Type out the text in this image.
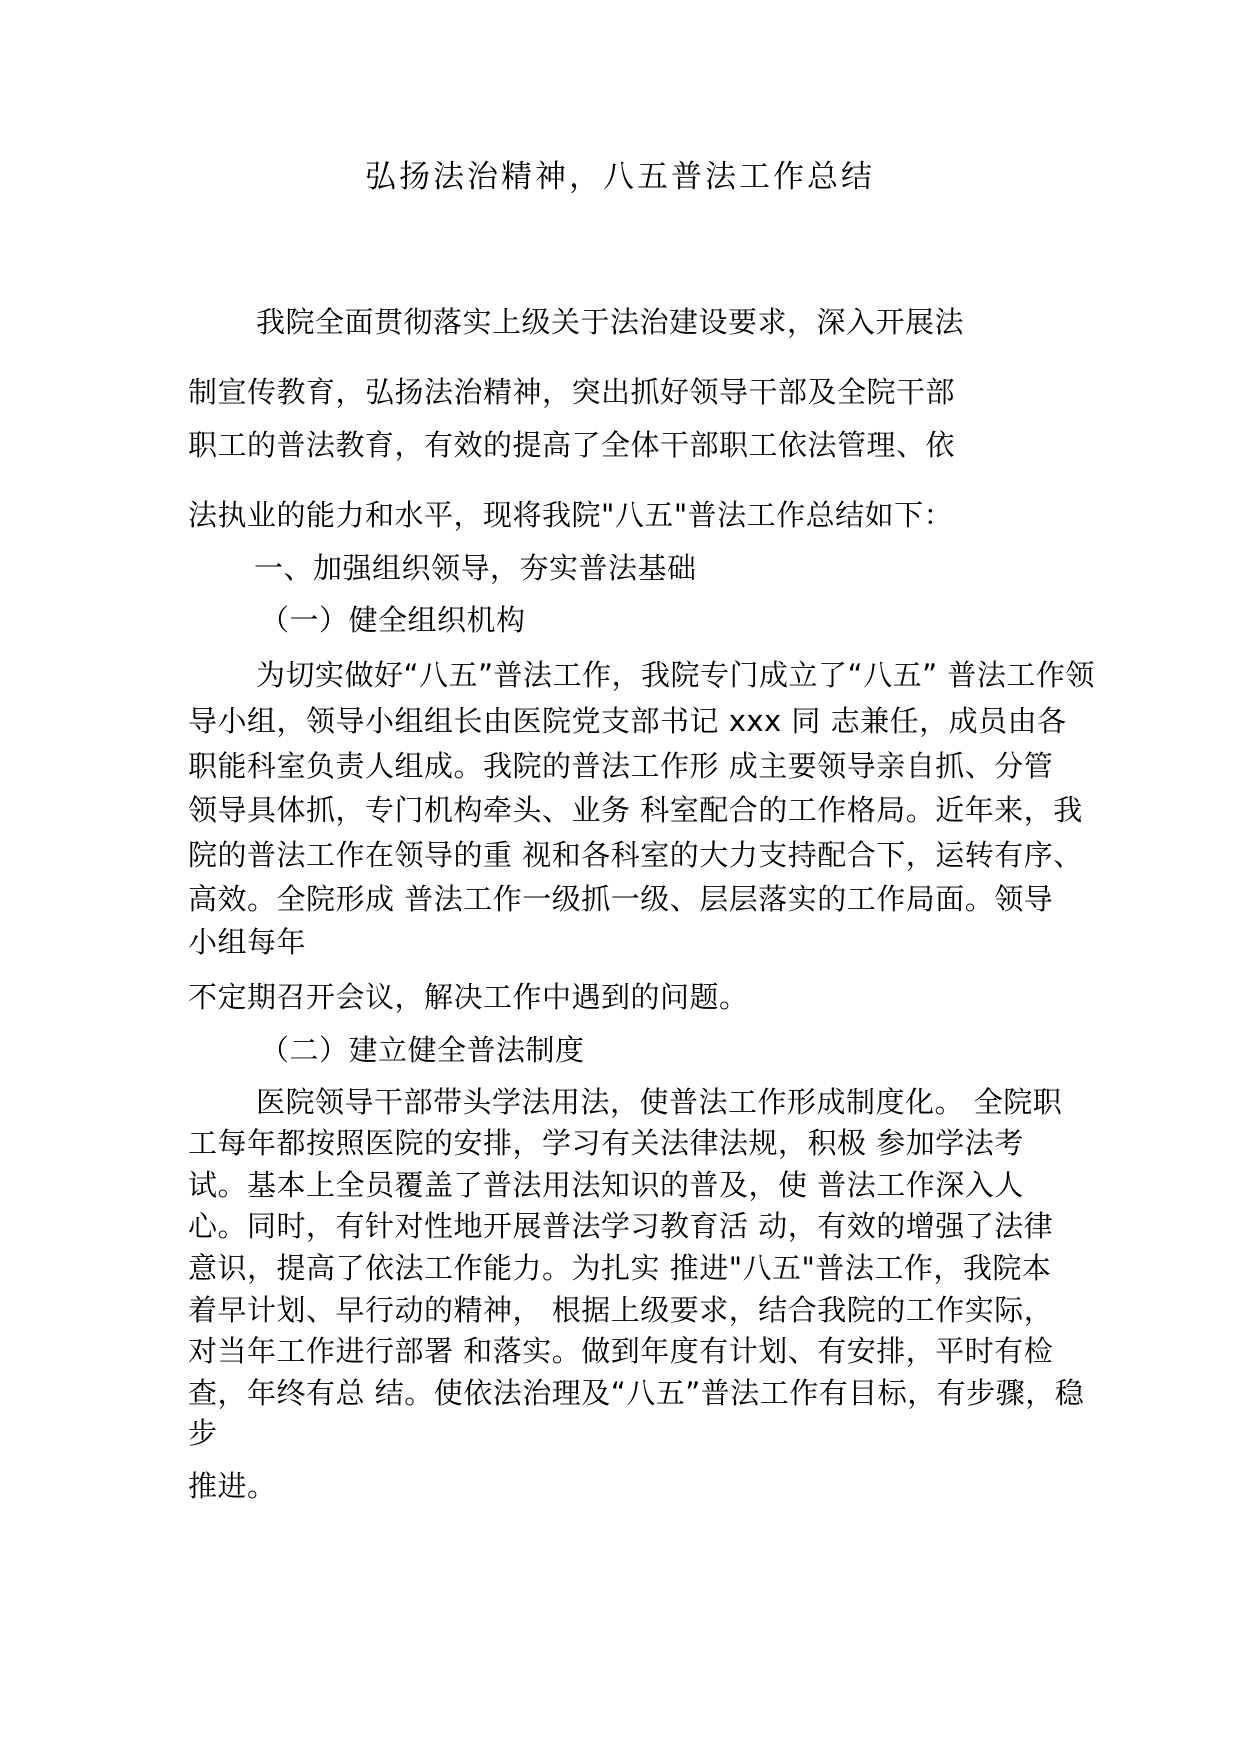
弘扬法治精神，八五普法工作总结
我院全面贯彻落实上级关于法治建设要求，深入开展法
制宣传教育，弘扬法治精神，突出抓好领导干部及全院干部
职工的普法教育，有效的提高了全体干部职工依法管理、依
法执业的能力和水平，现将我院"八五"普法工作总结如下：
一、加强组织领导，夯实普法基础
（一）健全组织机构
为切实做好“八五”普法工作，我院专门成立了“八五” 普法工作领
导小组，领导小组组长由医院党支部书记 xxx 同 志兼任，成员由各
职能科室负责人组成。我院的普法工作形 成主要领导亲自抓、分管
领导具体抓，专门机构牵头、业务 科室配合的工作格局。近年来，我
院的普法工作在领导的重 视和各科室的大力支持配合下，运转有序、
高效。全院形成 普法工作一级抓一级、层层落实的工作局面。领导
小组每年
不定期召开会议，解决工作中遇到的问题。
（二）建立健全普法制度
医院领导干部带头学法用法，使普法工作形成制度化。 全院职
工每年都按照医院的安排，学习有关法律法规，积极 参加学法考
试。基本上全员覆盖了普法用法知识的普及，使 普法工作深入人
心。同时，有针对性地开展普法学习教育活 动，有效的增强了法律
意识，提高了依法工作能力。为扎实 推进"八五"普法工作，我院本
着早计划、早行动的精神， 根据上级要求，结合我院的工作实际，
对当年工作进行部署 和落实。做到年度有计划、有安排，平时有检
查，年终有总 结。使依法治理及“八五”普法工作有目标，有步骤，稳
步
推进。
